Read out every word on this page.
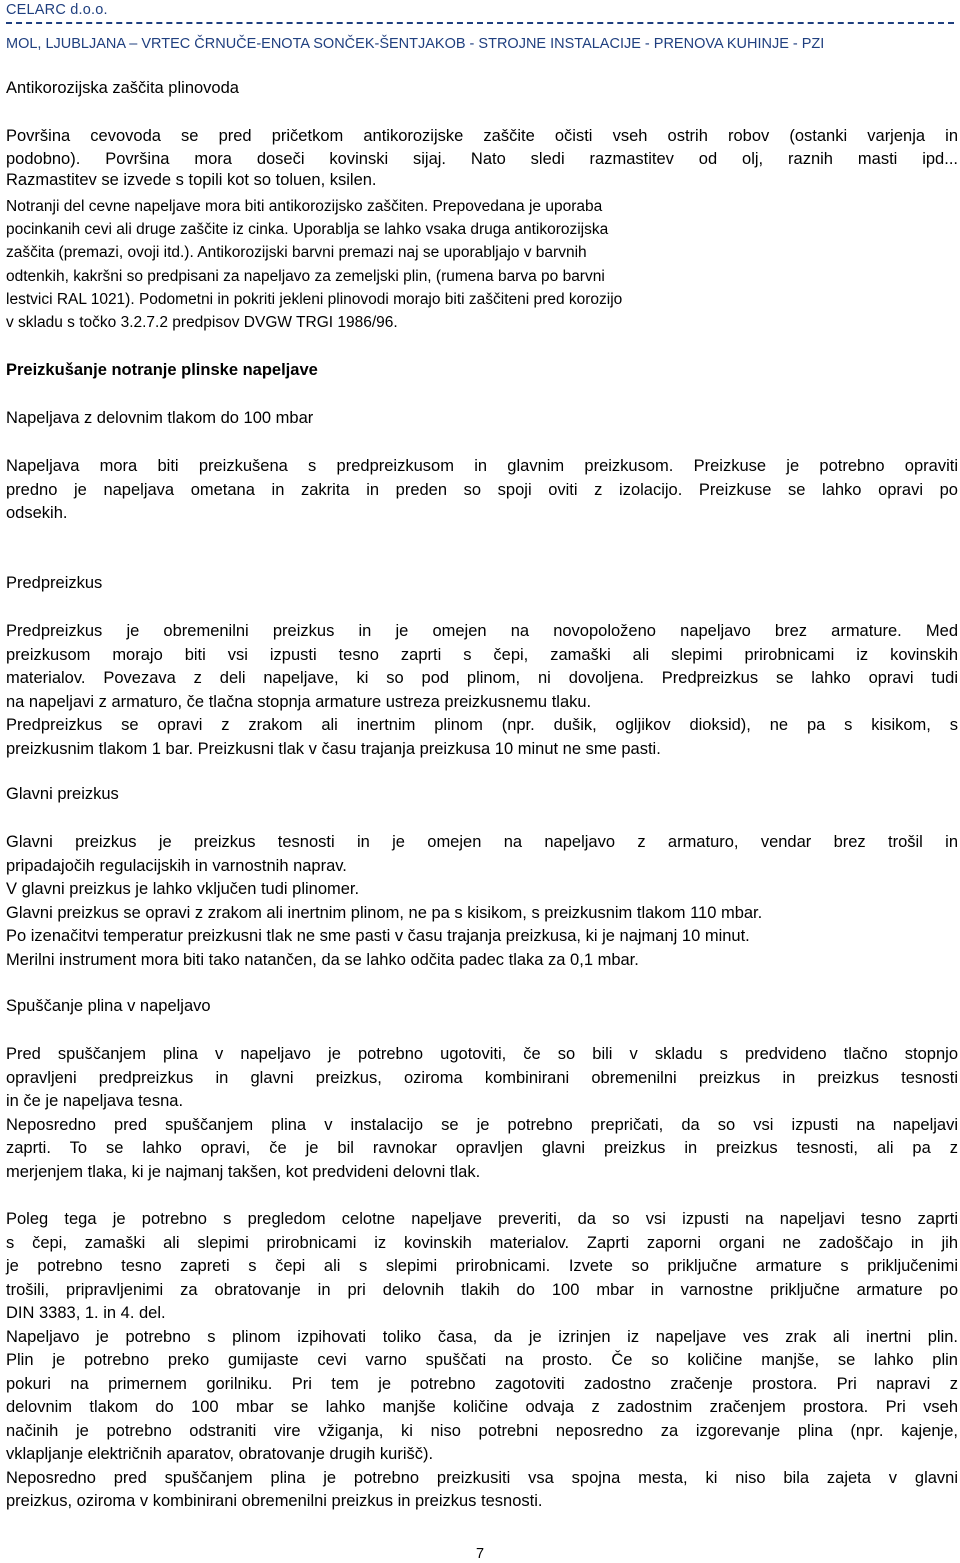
CELARC d.o.o.
MOL, LJUBLJANA – VRTEC ČRNUČE-ENOTA SONČEK-ŠENTJAKOB - STROJNE INSTALACIJE - PRENOVA KUHINJE - PZI
Antikorozijska zaščita plinovoda
Površina cevovoda se pred pričetkom antikorozijske zaščite očisti vseh ostrih robov (ostanki varjenja in
podobno). Površina mora doseči kovinski sijaj. Nato sledi razmastitev od olj, raznih masti ipd...
Razmastitev se izvede s topili kot so toluen, ksilen.
Notranji del cevne napeljave mora biti antikorozijsko zaščiten. Prepovedana je uporaba
pocinkanih cevi ali druge zaščite iz cinka. Uporablja se lahko vsaka druga antikorozijska
zaščita (premazi, ovoji itd.). Antikorozijski barvni premazi naj se uporabljajo v barvnih
odtenkih, kakršni so predpisani za napeljavo za zemeljski plin, (rumena barva po barvni
lestvici RAL 1021). Podometni in pokriti jekleni plinovodi morajo biti zaščiteni pred korozijo
v skladu s točko 3.2.7.2 predpisov DVGW TRGI 1986/96.
Preizkušanje notranje plinske napeljave
Napeljava z delovnim tlakom do 100 mbar
Napeljava mora biti preizkušena s predpreizkusom in glavnim preizkusom. Preizkuse je potrebno opraviti
predno je napeljava ometana in zakrita in preden so spoji oviti z izolacijo. Preizkuse se lahko opravi po
odsekih.
Predpreizkus
Predpreizkus je obremenilni preizkus in je omejen na novopoloženo napeljavo brez armature. Med
preizkusom morajo biti vsi izpusti tesno zaprti s čepi, zamaški ali slepimi prirobnicami iz kovinskih
materialov. Povezava z deli napeljave, ki so pod plinom, ni dovoljena. Predpreizkus se lahko opravi tudi
na napeljavi z armaturo, če tlačna stopnja armature ustreza preizkusnemu tlaku.
Predpreizkus se opravi z zrakom ali inertnim plinom (npr. dušik, ogljikov dioksid), ne pa s kisikom, s
preizkusnim tlakom 1 bar. Preizkusni tlak v času trajanja preizkusa 10 minut ne sme pasti.
Glavni preizkus
Glavni preizkus je preizkus tesnosti in je omejen na napeljavo z armaturo, vendar brez trošil in
pripadajočih regulacijskih in varnostnih naprav.
V glavni preizkus je lahko vključen tudi plinomer.
Glavni preizkus se opravi z zrakom ali inertnim plinom, ne pa s kisikom, s preizkusnim tlakom 110 mbar.
Po izenačitvi temperatur preizkusni tlak ne sme pasti v času trajanja preizkusa, ki je najmanj 10 minut.
Merilni instrument mora biti tako natančen, da se lahko odčita padec tlaka za 0,1 mbar.
Spuščanje plina v napeljavo
Pred spuščanjem plina v napeljavo je potrebno ugotoviti, če so bili v skladu s predvideno tlačno stopnjo
opravljeni predpreizkus in glavni preizkus, oziroma kombinirani obremenilni preizkus in preizkus tesnosti
in če je napeljava tesna.
Neposredno pred spuščanjem plina v instalacijo se je potrebno prepričati, da so vsi izpusti na napeljavi
zaprti. To se lahko opravi, če je bil ravnokar opravljen glavni preizkus in preizkus tesnosti, ali pa z
merjenjem tlaka, ki je najmanj takšen, kot predvideni delovni tlak.
Poleg tega je potrebno s pregledom celotne napeljave preveriti, da so vsi izpusti na napeljavi tesno zaprti
s čepi, zamaški ali slepimi prirobnicami iz kovinskih materialov. Zaprti zaporni organi ne zadoščajo in jih
je potrebno tesno zapreti s čepi ali s slepimi prirobnicami. Izvete so priključne armature s priključenimi
trošili, pripravljenimi za obratovanje in pri delovnih tlakih do 100 mbar in varnostne priključne armature po
DIN 3383, 1. in 4. del.
Napeljavo je potrebno s plinom izpihovati toliko časa, da je izrinjen iz napeljave ves zrak ali inertni plin.
Plin je potrebno preko gumijaste cevi varno spuščati na prosto. Če so količine manjše, se lahko plin
pokuri na primernem gorilniku. Pri tem je potrebno zagotoviti zadostno zračenje prostora. Pri napravi z
delovnim tlakom do 100 mbar se lahko manjše količine odvaja z zadostnim zračenjem prostora. Pri vseh
načinih je potrebno odstraniti vire vžiganja, ki niso potrebni neposredno za izgorevanje plina (npr. kajenje,
vklapljanje električnih aparatov, obratovanje drugih kurišč).
Neposredno pred spuščanjem plina je potrebno preizkusiti vsa spojna mesta, ki niso bila zajeta v glavni
preizkus, oziroma v kombinirani obremenilni preizkus in preizkus tesnosti.
7
